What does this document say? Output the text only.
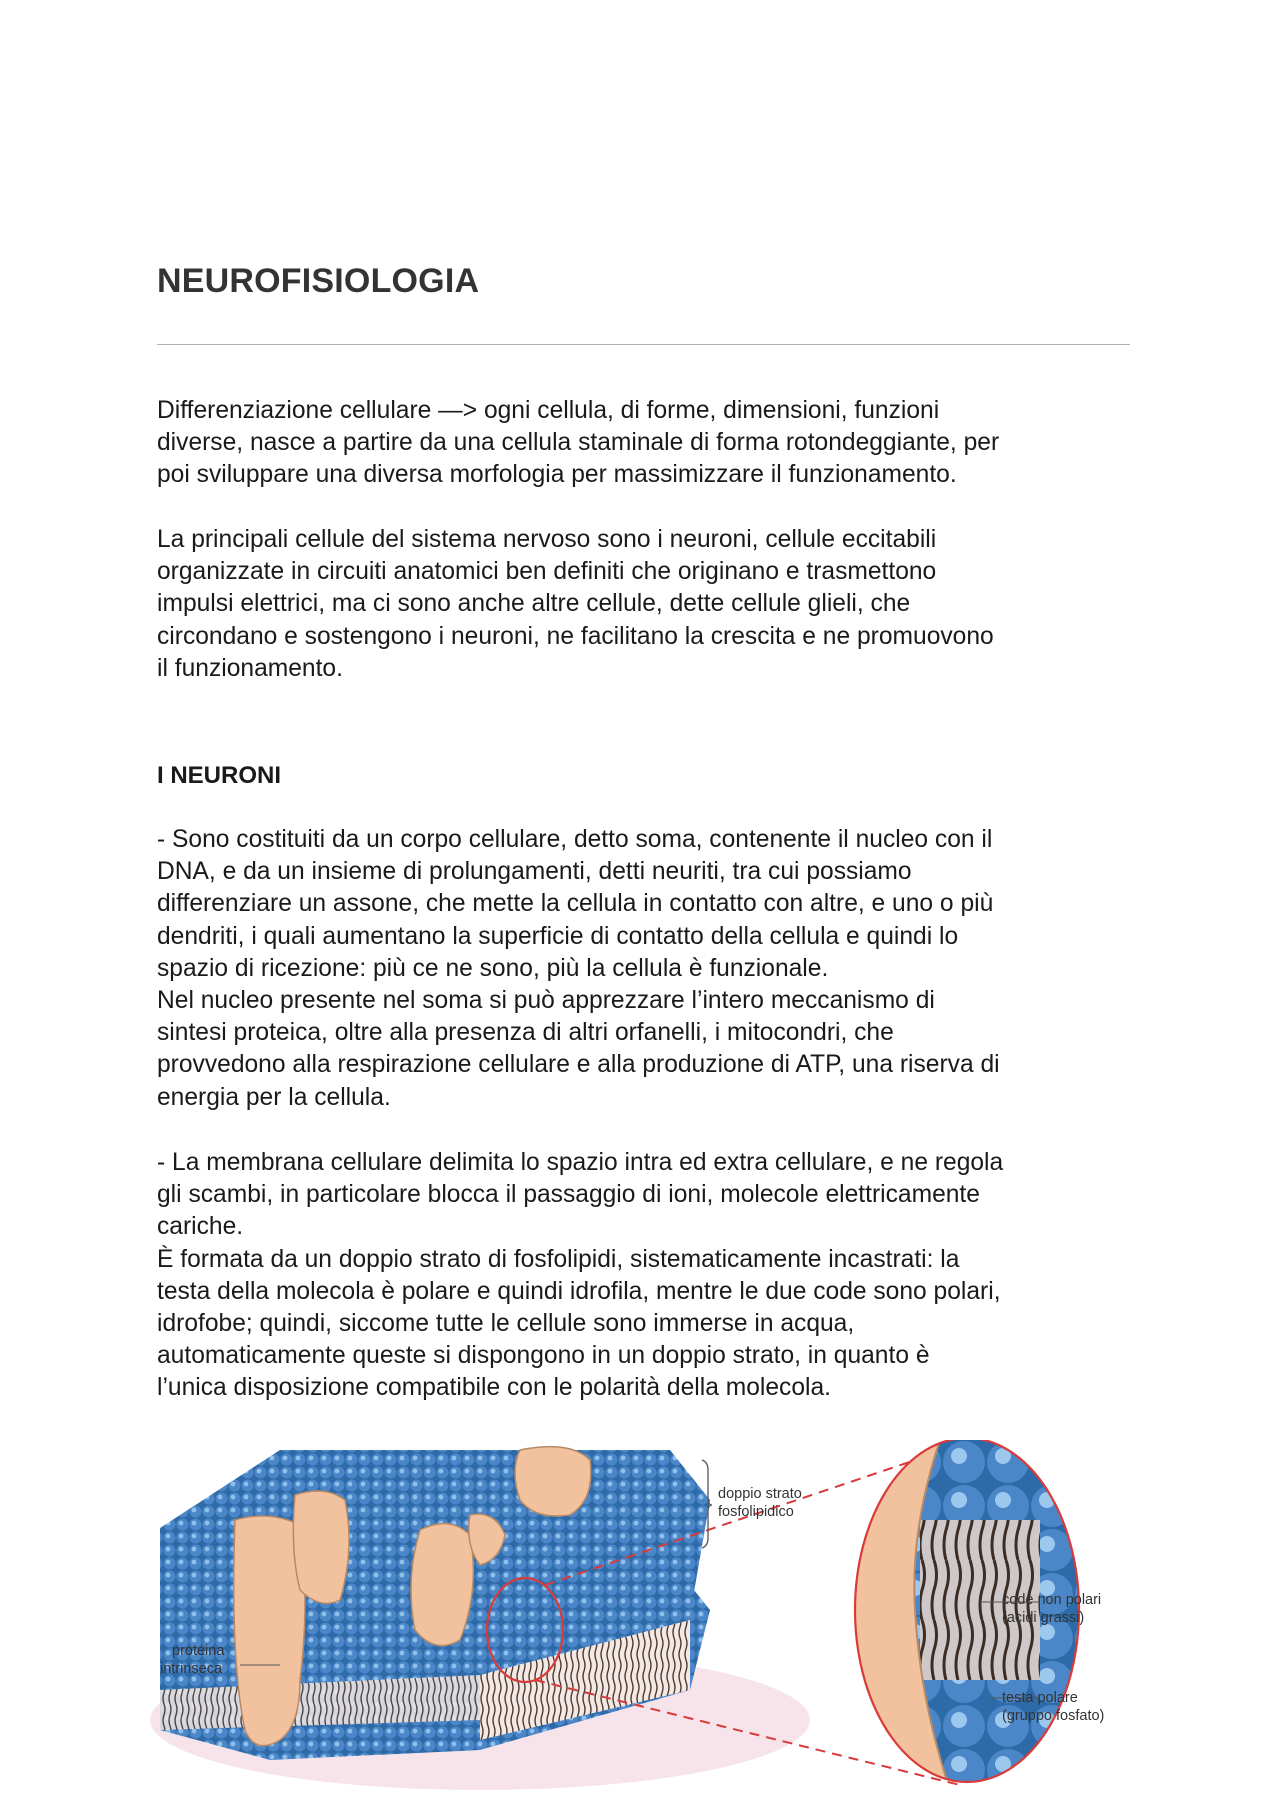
NEUROFISIOLOGIA
Differenziazione cellulare —> ogni cellula, di forme, dimensioni, funzioni
diverse, nasce a partire da una cellula staminale di forma rotondeggiante, per
poi sviluppare una diversa morfologia per massimizzare il funzionamento.
La principali cellule del sistema nervoso sono i neuroni, cellule eccitabili
organizzate in circuiti anatomici ben definiti che originano e trasmettono
impulsi elettrici, ma ci sono anche altre cellule, dette cellule glieli, che
circondano e sostengono i neuroni, ne facilitano la crescita e ne promuovono
il funzionamento.
I NEURONI
- Sono costituiti da un corpo cellulare, detto soma, contenente il nucleo con il
DNA, e da un insieme di prolungamenti, detti neuriti, tra cui possiamo
differenziare un assone, che mette la cellula in contatto con altre, e uno o più
dendriti, i quali aumentano la superficie di contatto della cellula e quindi lo
spazio di ricezione: più ce ne sono, più la cellula è funzionale.
Nel nucleo presente nel soma si può apprezzare l’intero meccanismo di
sintesi proteica, oltre alla presenza di altri orfanelli, i mitocondri, che
provvedono alla respirazione cellulare e alla produzione di ATP, una riserva di
energia per la cellula.
- La membrana cellulare delimita lo spazio intra ed extra cellulare, e ne regola
gli scambi, in particolare blocca il passaggio di ioni, molecole elettricamente
cariche.
È formata da un doppio strato di fosfolipidi, sistematicamente incastrati: la
testa della molecola è polare e quindi idrofila, mentre le due code sono polari,
idrofobe; quindi, siccome tutte le cellule sono immerse in acqua,
automaticamente queste si dispongono in un doppio strato, in quanto è
l’unica disposizione compatibile con le polarità della molecola.
doppio strato
fosfolipidico
code non polari
(acidi grassi)
testa polare
(gruppo fosfato)
proteina
intrinseca
